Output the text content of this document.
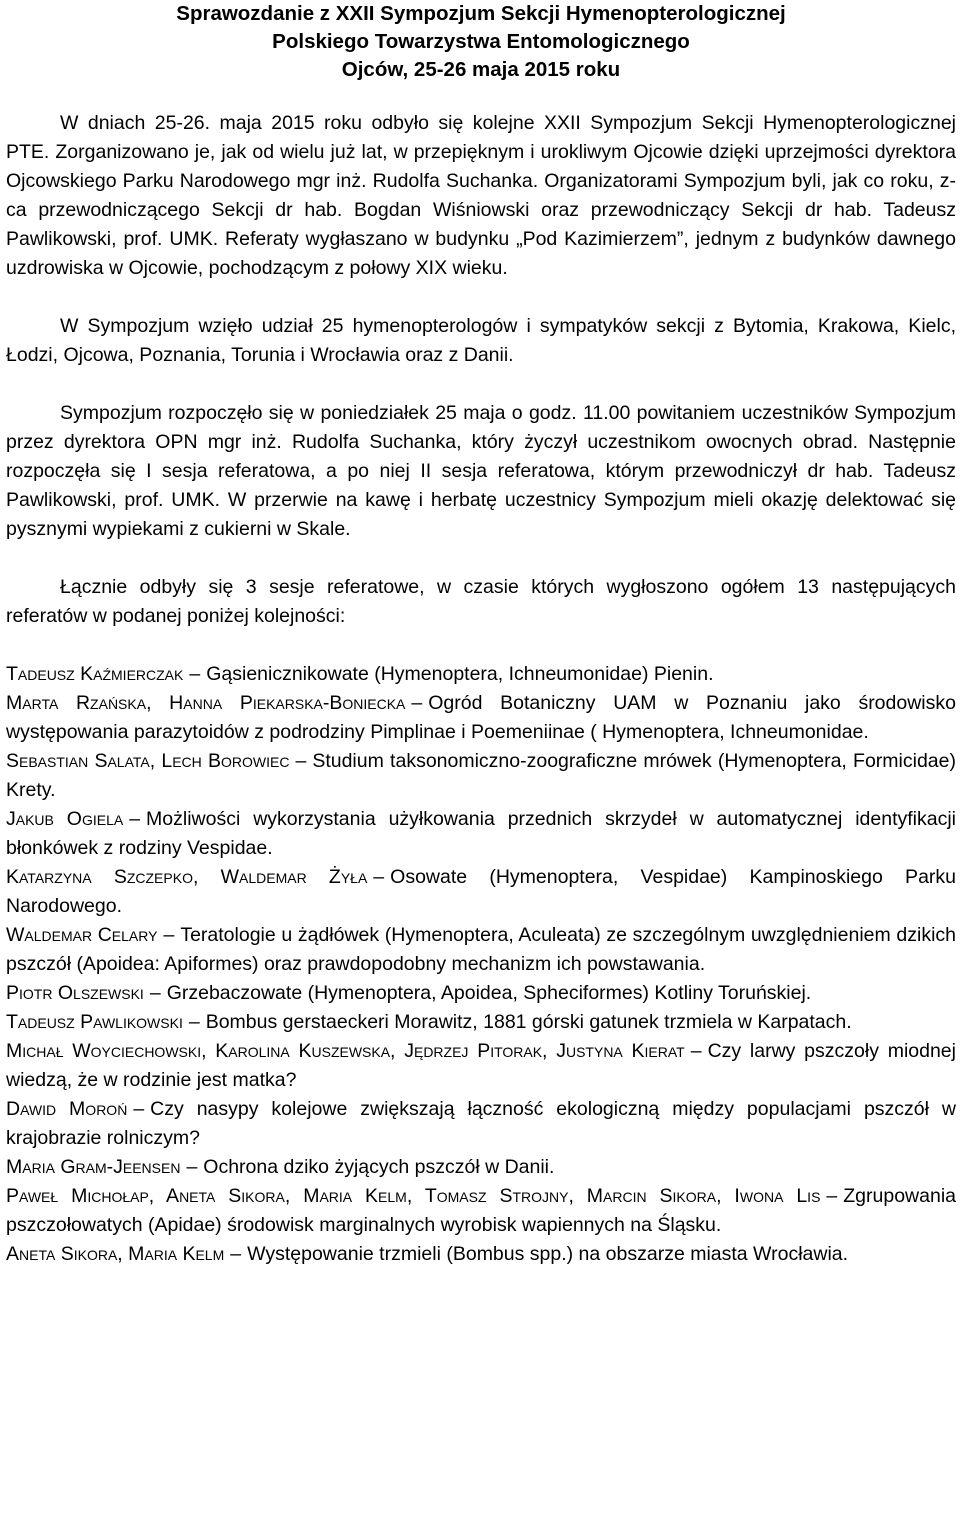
Sprawozdanie z XXII Sympozjum Sekcji Hymenopterologicznej
Polskiego Towarzystwa Entomologicznego
Ojców, 25-26 maja 2015 roku

W dniach 25-26. maja 2015 roku odbyło się kolejne XXII Sympozjum Sekcji Hymenopterologicznej PTE. Zorganizowano je, jak od wielu już lat, w przepięknym i urokliwym Ojcowie dzięki uprzejmości dyrektora Ojcowskiego Parku Narodowego mgr inż. Rudolfa Suchanka. Organizatorami Sympozjum byli, jak co roku, z-ca przewodniczącego Sekcji dr hab. Bogdan Wiśniowski oraz przewodniczący Sekcji dr hab. Tadeusz Pawlikowski, prof. UMK. Referaty wygłaszano w budynku „Pod Kazimierzem”, jednym z budynków dawnego uzdrowiska w Ojcowie, pochodzącym z połowy XIX wieku.

W Sympozjum wzięło udział 25 hymenopterologów i sympatyków sekcji z Bytomia, Krakowa, Kielc, Łodzi, Ojcowa, Poznania, Torunia i Wrocławia oraz z Danii.

Sympozjum rozpoczęło się w poniedziałek 25 maja o godz. 11.00 powitaniem uczestników Sympozjum przez dyrektora OPN mgr inż. Rudolfa Suchanka, który życzył uczestnikom owocnych obrad. Następnie rozpoczęła się I sesja referatowa, a po niej II sesja referatowa, którym przewodniczył dr hab. Tadeusz Pawlikowski, prof. UMK. W przerwie na kawę i herbatę uczestnicy Sympozjum mieli okazję delektować się pysznymi wypiekami z cukierni w Skale.

Łącznie odbyły się 3 sesje referatowe, w czasie których wygłoszono ogółem 13 następujących referatów w podanej poniżej kolejności:

Tadeusz Kaźmierczak – Gąsienicznikowate (Hymenoptera, Ichneumonidae) Pienin.

Marta Rzańska, Hanna Piekarska-Boniecka – Ogród Botaniczny UAM w Poznaniu jako środowisko występowania parazytoidów z podrodziny Pimplinae i Poemeniinae ( Hymenoptera, Ichneumonidae.

Sebastian Salata, Lech Borowiec – Studium taksonomiczno-zoograficzne mrówek (Hymenoptera, Formicidae) Krety.

Jakub Ogiela – Możliwości wykorzystania użyłkowania przednich skrzydeł w automatycznej identyfikacji błonkówek z rodziny Vespidae.

Katarzyna Szczepko, Waldemar Żyła – Osowate (Hymenoptera, Vespidae) Kampinoskiego Parku Narodowego.

Waldemar Celary – Teratologie u żądłówek (Hymenoptera, Aculeata) ze szczególnym uwzględnieniem dzikich pszczół (Apoidea: Apiformes) oraz prawdopodobny mechanizm ich powstawania.

Piotr Olszewski – Grzebaczowate (Hymenoptera, Apoidea, Spheciformes) Kotliny Toruńskiej.

Tadeusz Pawlikowski – Bombus gerstaeckeri Morawitz, 1881 górski gatunek trzmiela w Karpatach.

Michał Woyciechowski, Karolina Kuszewska, Jędrzej Pitorak, Justyna Kierat – Czy larwy pszczoły miodnej wiedzą, że w rodzinie jest matka?

Dawid Moroń – Czy nasypy kolejowe zwiększają łączność ekologiczną między populacjami pszczół w krajobrazie rolniczym?

Maria Gram-Jeensen – Ochrona dziko żyjących pszczół w Danii.

Paweł Michołap, Aneta Sikora, Maria Kelm, Tomasz Strojny, Marcin Sikora, Iwona Lis – Zgrupowania pszczołowatych (Apidae) środowisk marginalnych wyrobisk wapiennych na Śląsku.

Aneta Sikora, Maria Kelm – Występowanie trzmieli (Bombus spp.) na obszarze miasta Wrocławia.
